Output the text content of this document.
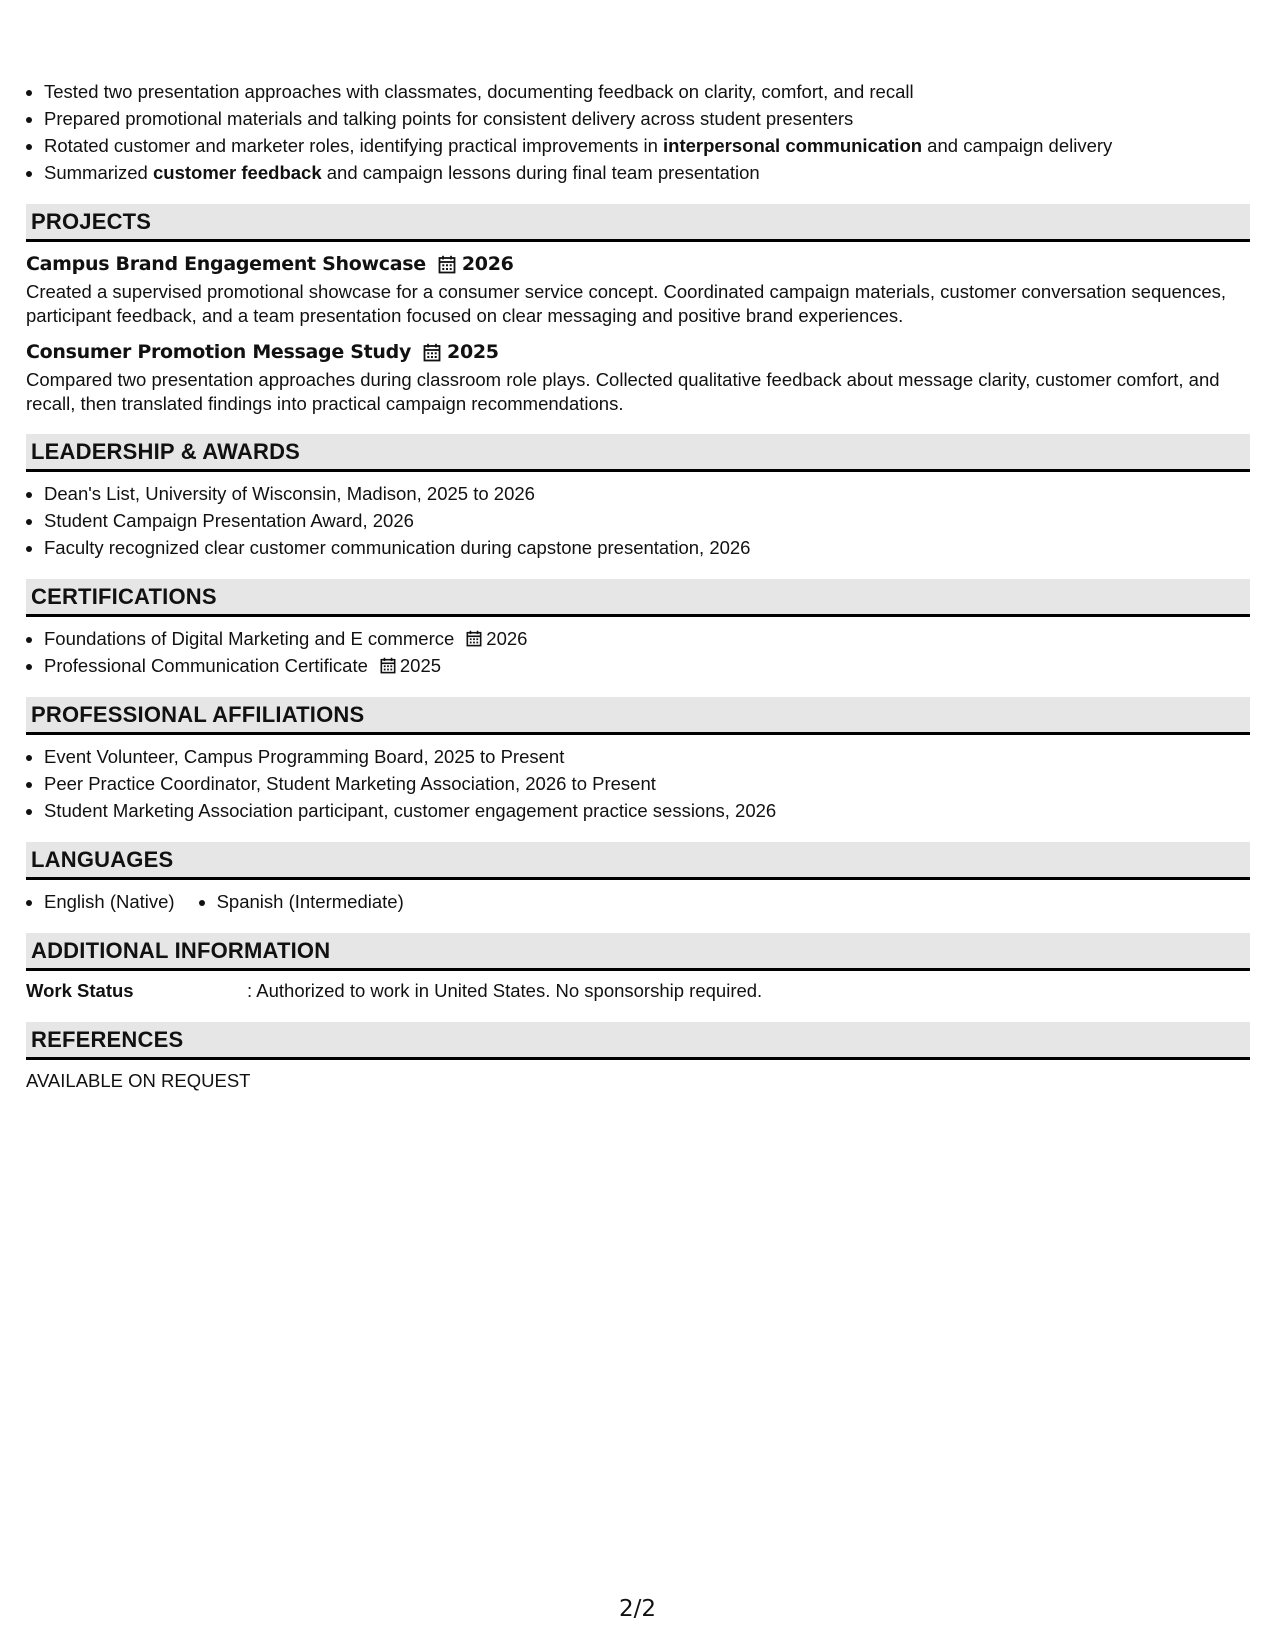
• Tested two presentation approaches with classmates, documenting feedback on clarity, comfort, and recall
• Prepared promotional materials and talking points for consistent delivery across student presenters
• Rotated customer and marketer roles, identifying practical improvements in interpersonal communication and campaign delivery
• Summarized customer feedback and campaign lessons during final team presentation
PROJECTS
Campus Brand Engagement Showcase 2026
Created a supervised promotional showcase for a consumer service concept. Coordinated campaign materials, customer conversation sequences, participant feedback, and a team presentation focused on clear messaging and positive brand experiences.
Consumer Promotion Message Study 2025
Compared two presentation approaches during classroom role plays. Collected qualitative feedback about message clarity, customer comfort, and recall, then translated findings into practical campaign recommendations.
LEADERSHIP & AWARDS
• Dean's List, University of Wisconsin, Madison, 2025 to 2026
• Student Campaign Presentation Award, 2026
• Faculty recognized clear customer communication during capstone presentation, 2026
CERTIFICATIONS
• Foundations of Digital Marketing and E commerce 2026
• Professional Communication Certificate 2025
PROFESSIONAL AFFILIATIONS
• Event Volunteer, Campus Programming Board, 2025 to Present
• Peer Practice Coordinator, Student Marketing Association, 2026 to Present
• Student Marketing Association participant, customer engagement practice sessions, 2026
LANGUAGES
• English (Native)
• Spanish (Intermediate)
ADDITIONAL INFORMATION
Work Status	: Authorized to work in United States. No sponsorship required.
REFERENCES
AVAILABLE ON REQUEST
2/2
